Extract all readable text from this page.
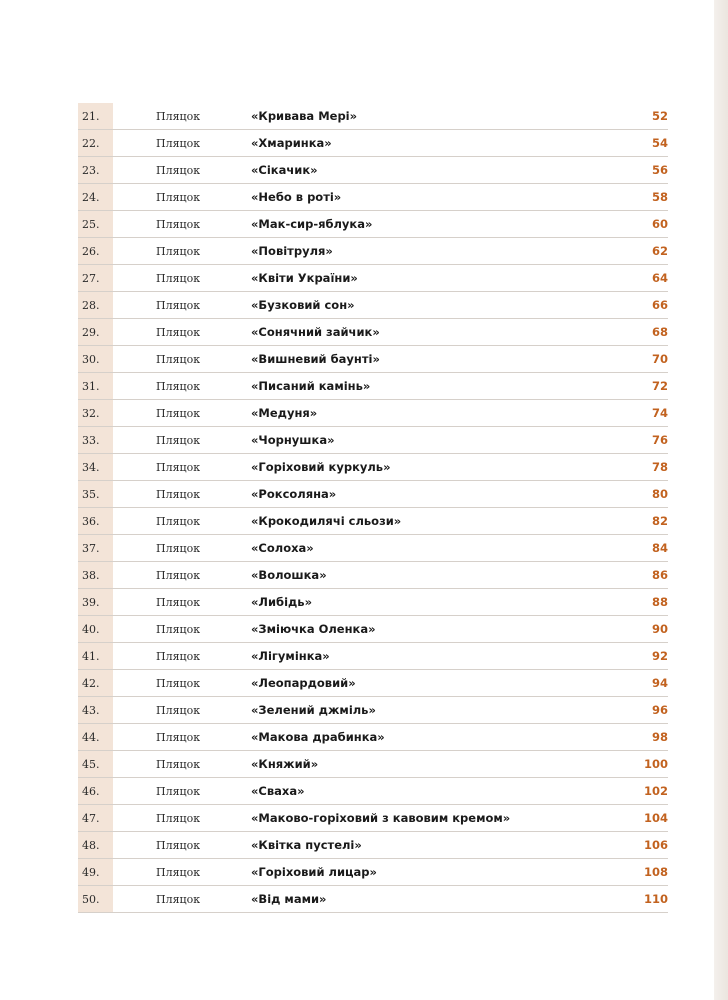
21.	Пляцок	«Кривава Мері»	52
22.	Пляцок	«Хмаринка»	54
23.	Пляцок	«Сікачик»	56
24.	Пляцок	«Небо в роті»	58
25.	Пляцок	«Мак-сир-яблука»	60
26.	Пляцок	«Повітруля»	62
27.	Пляцок	«Квіти України»	64
28.	Пляцок	«Бузковий сон»	66
29.	Пляцок	«Сонячний зайчик»	68
30.	Пляцок	«Вишневий баунті»	70
31.	Пляцок	«Писаний камінь»	72
32.	Пляцок	«Медуня»	74
33.	Пляцок	«Чорнушка»	76
34.	Пляцок	«Горіховий куркуль»	78
35.	Пляцок	«Роксоляна»	80
36.	Пляцок	«Крокодилячі сльози»	82
37.	Пляцок	«Солоха»	84
38.	Пляцок	«Волошка»	86
39.	Пляцок	«Либідь»	88
40.	Пляцок	«Зміючка Оленка»	90
41.	Пляцок	«Лігумінка»	92
42.	Пляцок	«Леопардовий»	94
43.	Пляцок	«Зелений джміль»	96
44.	Пляцок	«Макова драбинка»	98
45.	Пляцок	«Княжий»	100
46.	Пляцок	«Сваха»	102
47.	Пляцок	«Маково-горіховий з кавовим кремом»	104
48.	Пляцок	«Квітка пустелі»	106
49.	Пляцок	«Горіховий лицар»	108
50.	Пляцок	«Від мами»	110
